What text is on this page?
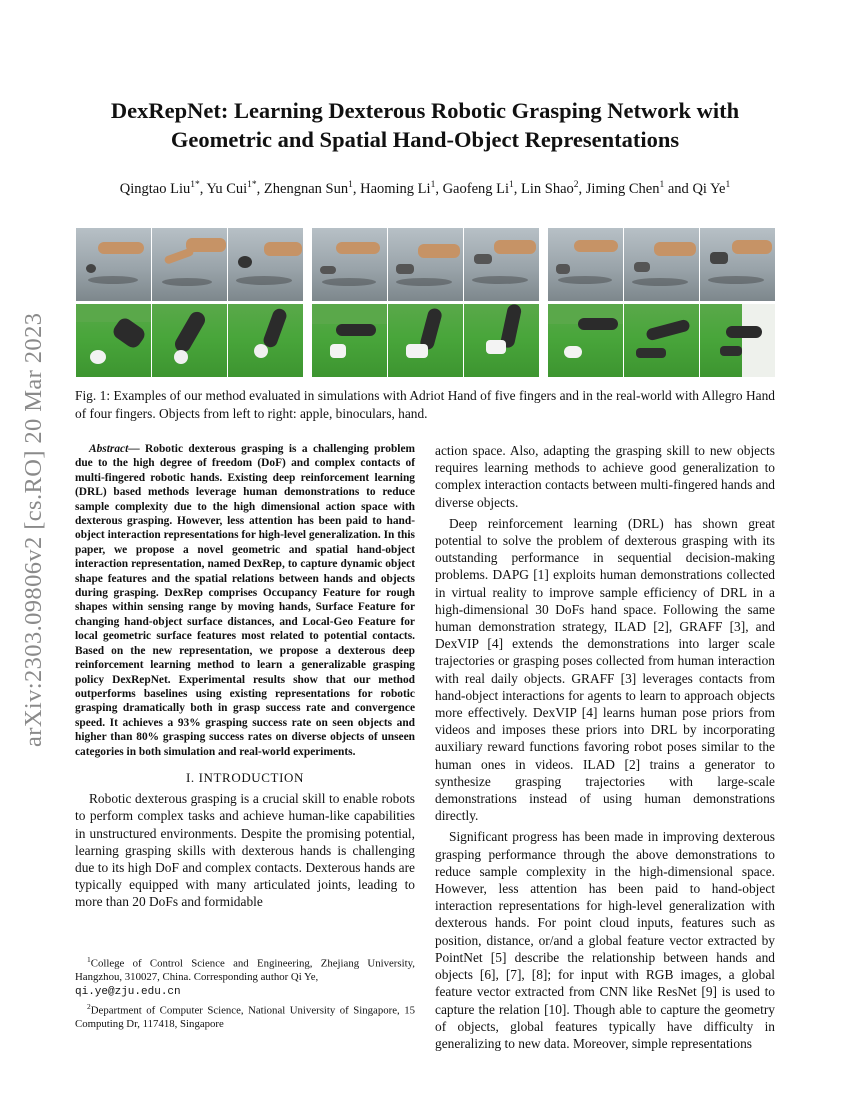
arXiv:2303.09806v2 [cs.RO] 20 Mar 2023
DexRepNet: Learning Dexterous Robotic Grasping Network with
Geometric and Spatial Hand-Object Representations
Qingtao Liu$^{1*}$, Yu Cui$^{1*}$, Zhengnan Sun$^1$, Haoming Li$^1$, Gaofeng Li$^1$, Lin Shao$^2$, Jiming Chen$^1$ and Qi Ye$^1$
Fig. 1: Examples of our method evaluated in simulations with Adriot Hand of five fingers and in the real-world with Allegro Hand of four fingers. Objects from left to right: apple, binoculars, hand.

Abstract— Robotic dexterous grasping is a challenging problem due to the high degree of freedom (DoF) and complex contacts of multi-fingered robotic hands. Existing deep reinforcement learning (DRL) based methods leverage human demonstrations to reduce sample complexity due to the high dimensional action space with dexterous grasping. However, less attention has been paid to hand-object interaction representations for high-level generalization. In this paper, we propose a novel geometric and spatial hand-object interaction representation, named DexRep, to capture dynamic object shape features and the spatial relations between hands and objects during grasping. DexRep comprises Occupancy Feature for rough shapes within sensing range by moving hands, Surface Feature for changing hand-object surface distances, and Local-Geo Feature for local geometric surface features most related to potential contacts. Based on the new representation, we propose a dexterous deep reinforcement learning method to learn a generalizable grasping policy DexRepNet. Experimental results show that our method outperforms baselines using existing representations for robotic grasping dramatically both in grasp success rate and convergence speed. It achieves a 93% grasping success rate on seen objects and higher than 80% grasping success rates on diverse objects of unseen categories in both simulation and real-world experiments.

I. INTRODUCTION

Robotic dexterous grasping is a crucial skill to enable robots to perform complex tasks and achieve human-like capabilities in unstructured environments. Despite the promising potential, learning grasping skills with dexterous hands is challenging due to its high DoF and complex contacts. Dexterous hands are typically equipped with many articulated joints, leading to more than 20 DoFs and formidable

$^1$College of Control Science and Engineering, Zhejiang University, Hangzhou, 310027, China. Corresponding author Qi Ye,
qi.ye@zju.edu.cn

$^2$Department of Computer Science, National University of Singapore, 15 Computing Dr, 117418, Singapore

action space. Also, adapting the grasping skill to new objects requires learning methods to achieve good generalization to complex interaction contacts between multi-fingered hands and diverse objects.

Deep reinforcement learning (DRL) has shown great potential to solve the problem of dexterous grasping with its outstanding performance in sequential decision-making problems. DAPG [1] exploits human demonstrations collected in virtual reality to improve sample efficiency of DRL in a high-dimensional 30 DoFs hand space. Following the same human demonstration strategy, ILAD [2], GRAFF [3], and DexVIP [4] extends the demonstrations into larger scale trajectories or grasping poses collected from human interaction with real daily objects. GRAFF [3] leverages contacts from hand-object interactions for agents to learn to approach objects more effectively. DexVIP [4] learns human pose priors from videos and imposes these priors into DRL by incorporating auxiliary reward functions favoring robot poses similar to the human ones in videos. ILAD [2] trains a generator to synthesize grasping trajectories with large-scale demonstrations instead of using human demonstrations directly.

Significant progress has been made in improving dexterous grasping performance through the above demonstrations to reduce sample complexity in the high-dimensional space. However, less attention has been paid to hand-object interaction representations for high-level generalization with dexterous hands. For point cloud inputs, features such as position, distance, or/and a global feature vector extracted by PointNet [5] describe the relationship between hands and objects [6], [7], [8]; for input with RGB images, a global feature vector extracted from CNN like ResNet [9] is used to capture the relation [10]. Though able to capture the geometry of objects, global features typically have difficulty in generalizing to new data. Moreover, simple representations
